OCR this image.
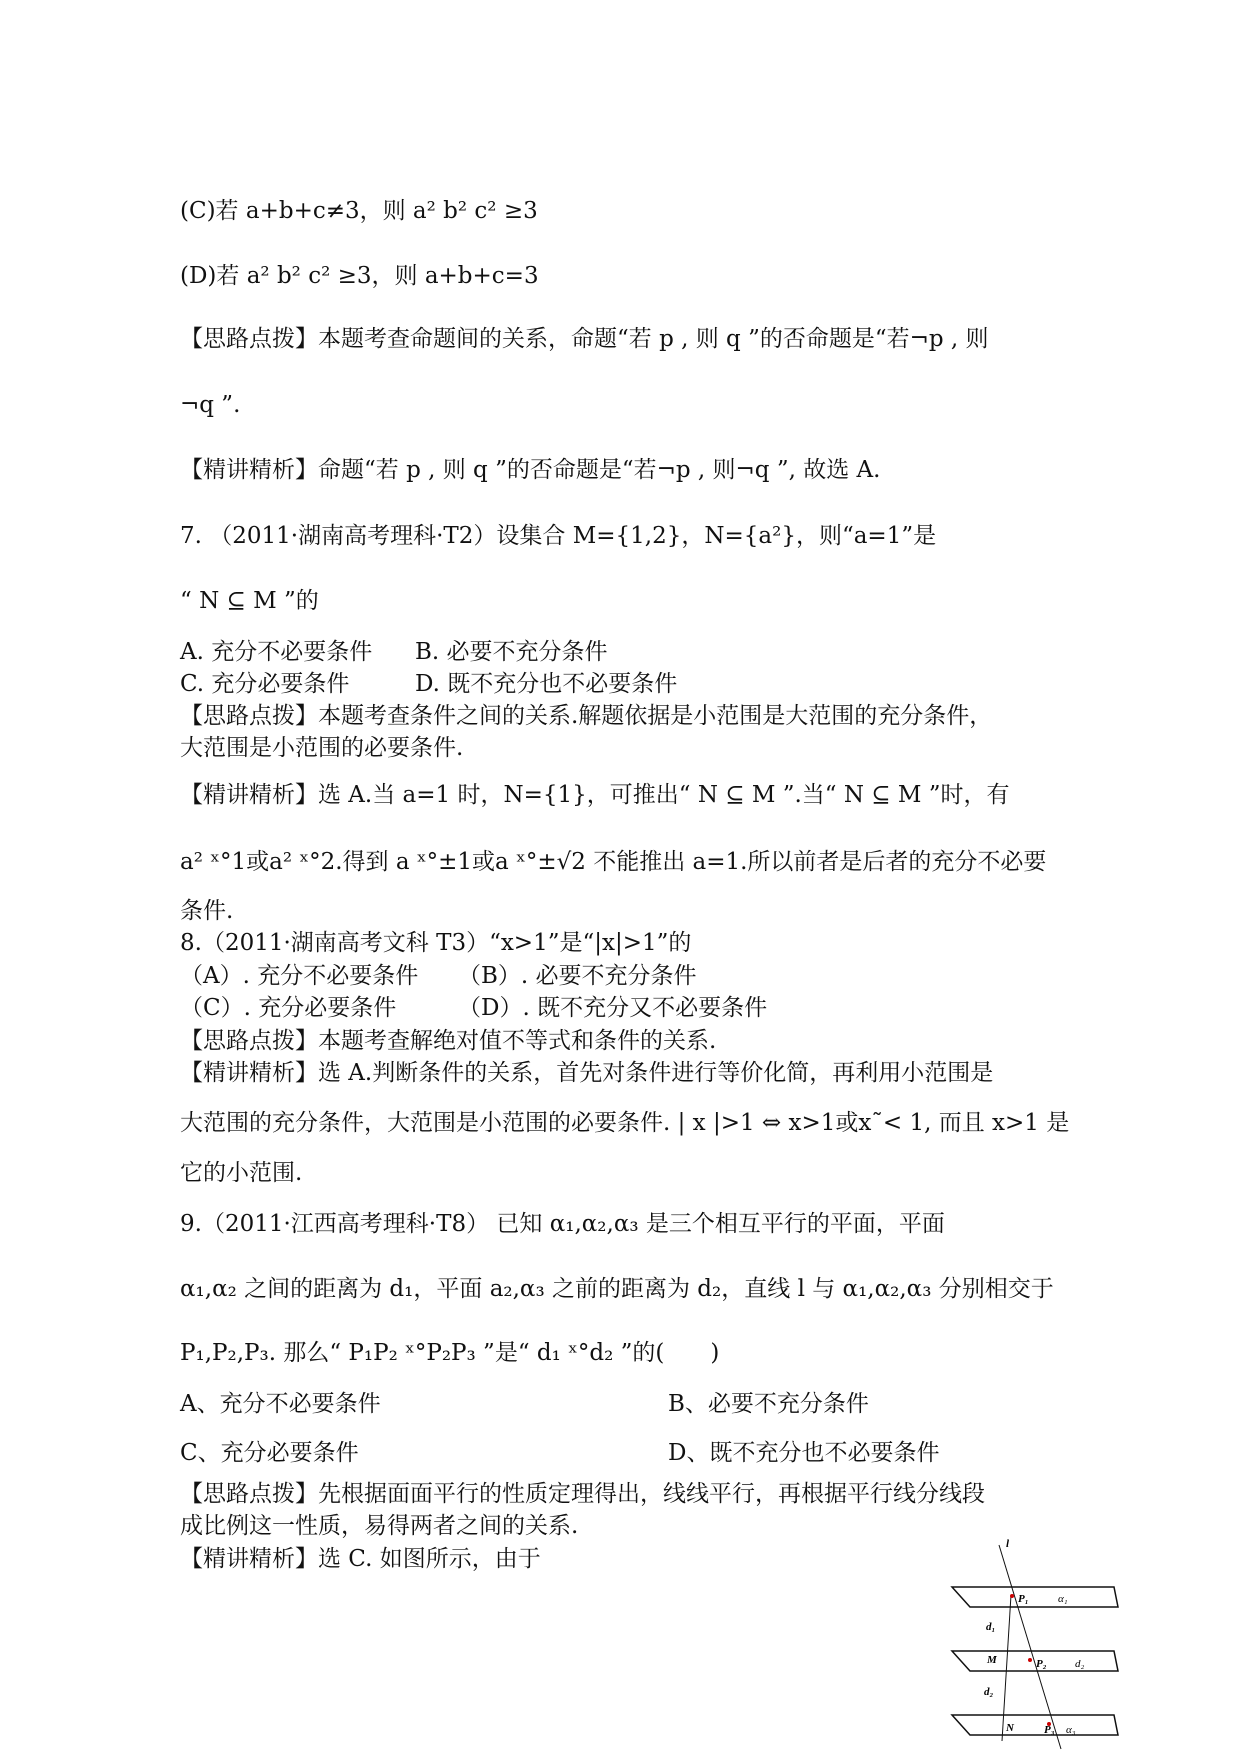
(C)若 a+b+c≠3，则 a² b² c² ≥3
(D)若 a² b² c² ≥3，则 a+b+c=3
【思路点拨】本题考查命题间的关系，命题“若 p , 则 q ”的否命题是“若¬p , 则
¬q ”.
【精讲精析】命题“若 p , 则 q ”的否命题是“若¬p , 则¬q ”, 故选 A.
7. （2011·湖南高考理科·T2）设集合 M={1,2}，N={a²}，则“a=1”是
“ N ⊆ M ”的
A. 充分不必要条件 B. 必要不充分条件
C. 充分必要条件	D. 既不充分也不必要条件
【思路点拨】本题考查条件之间的关系.解题依据是小范围是大范围的充分条件，
大范围是小范围的必要条件.
【精讲精析】选 A.当 a=1 时，N={1}，可推出“ N ⊆ M ”.当“ N ⊆ M ”时，有
a² ˣ°1或a² ˣ°2.得到 a ˣ°±1或a ˣ°±√2 不能推出 a=1.所以前者是后者的充分不必要
条件.
8.（2011·湖南高考文科 T3）“x>1”是“|x|>1”的
（A）. 充分不必要条件 （B）. 必要不充分条件
（C）. 充分必要条件	（D）. 既不充分又不必要条件
【思路点拨】本题考查解绝对值不等式和条件的关系.
【精讲精析】选 A.判断条件的关系，首先对条件进行等价化简，再利用小范围是
大范围的充分条件，大范围是小范围的必要条件. | x |>1 ⇔ x>1或x˜< 1, 而且 x>1 是
它的小范围.
9.（2011·江西高考理科·T8） 已知 α₁,α₂,α₃ 是三个相互平行的平面，平面
α₁,α₂ 之间的距离为 d₁，平面 a₂,α₃ 之前的距离为 d₂，直线 l 与 α₁,α₂,α₃ 分别相交于
P₁,P₂,P₃. 那么“ P₁P₂ ˣ°P₂P₃ ”是“ d₁ ˣ°d₂ ”的(　　)
A、充分不必要条件	B、必要不充分条件
C、充分必要条件	D、既不充分也不必要条件
【思路点拨】先根据面面平行的性质定理得出，线线平行，再根据平行线分线段
成比例这一性质，易得两者之间的关系.
【精讲精析】选 C. 如图所示，由于
l
P₁	α₁
d₁
M	P₂	d₂
d₂
N	P₃ α₃
